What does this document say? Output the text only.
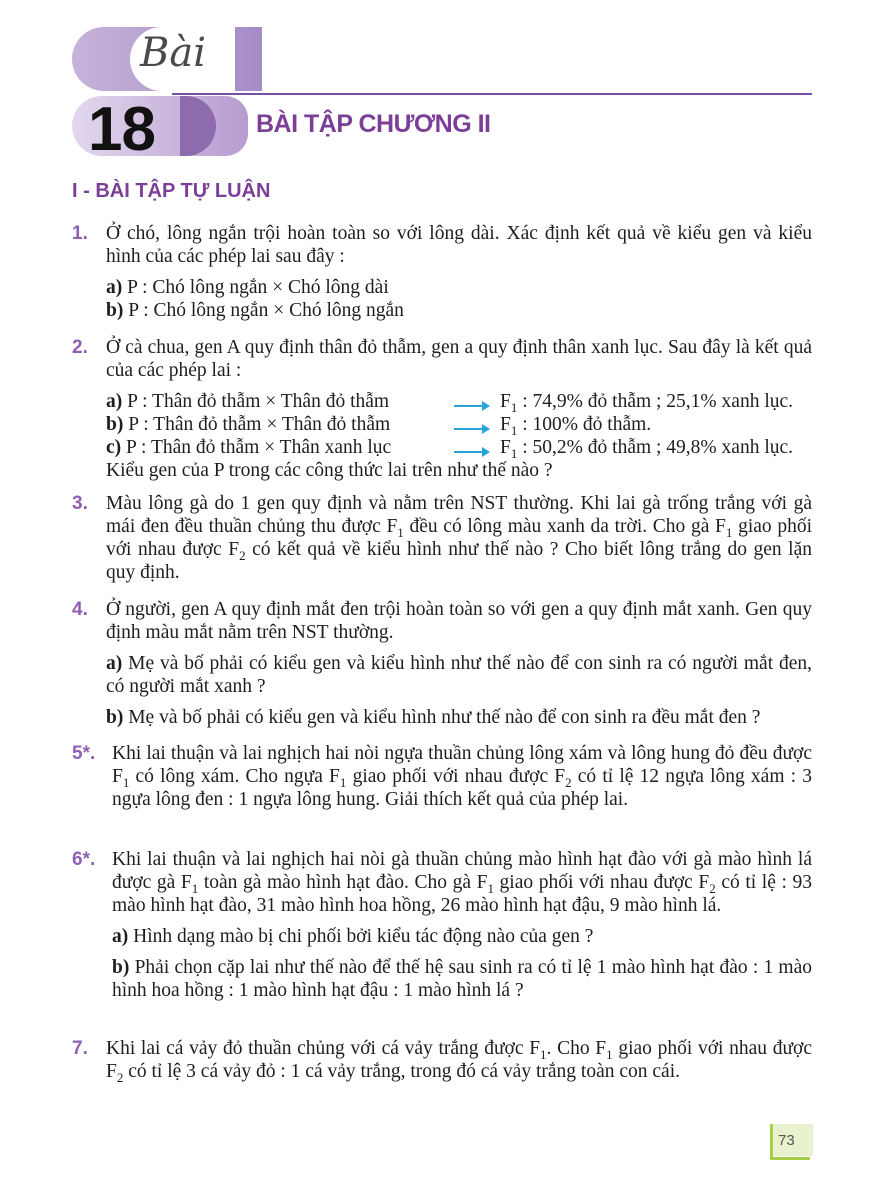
Bài
18	BÀI TẬP CHƯƠNG II
I - BÀI TẬP TỰ LUẬN
1. Ở chó, lông ngắn trội hoàn toàn so với lông dài. Xác định kết quả về kiểu gen và kiểu hình của các phép lai sau đây :
a) P : Chó lông ngắn × Chó lông dài
b) P : Chó lông ngắn × Chó lông ngắn
2. Ở cà chua, gen A quy định thân đỏ thẫm, gen a quy định thân xanh lục. Sau đây là kết quả của các phép lai :
a) P : Thân đỏ thẫm × Thân đỏ thẫm	$F_1$ : 74,9% đỏ thẫm ; 25,1% xanh lục.
b) P : Thân đỏ thẫm × Thân đỏ thẫm	$F_1$ : 100% đỏ thẫm.
c) P : Thân đỏ thẫm × Thân xanh lục	$F_1$ : 50,2% đỏ thẫm ; 49,8% xanh lục.
Kiểu gen của P trong các công thức lai trên như thế nào ?
3. Màu lông gà do 1 gen quy định và nằm trên NST thường. Khi lai gà trống trắng với gà mái đen đều thuần chủng thu được $F_1$ đều có lông màu xanh da trời. Cho gà $F_1$ giao phối với nhau được $F_2$ có kết quả về kiểu hình như thế nào ? Cho biết lông trắng do gen lặn quy định.
4. Ở người, gen A quy định mắt đen trội hoàn toàn so với gen a quy định mắt xanh. Gen quy định màu mắt nằm trên NST thường.
a) Mẹ và bố phải có kiểu gen và kiểu hình như thế nào để con sinh ra có người mắt đen, có người mắt xanh ?
b) Mẹ và bố phải có kiểu gen và kiểu hình như thế nào để con sinh ra đều mắt đen ?
5*. Khi lai thuận và lai nghịch hai nòi ngựa thuần chủng lông xám và lông hung đỏ đều được $F_1$ có lông xám. Cho ngựa $F_1$ giao phối với nhau được $F_2$ có tỉ lệ 12 ngựa lông xám : 3 ngựa lông đen : 1 ngựa lông hung. Giải thích kết quả của phép lai.
6*. Khi lai thuận và lai nghịch hai nòi gà thuần chủng mào hình hạt đào với gà mào hình lá được gà $F_1$ toàn gà mào hình hạt đào. Cho gà $F_1$ giao phối với nhau được $F_2$ có tỉ lệ : 93 mào hình hạt đào, 31 mào hình hoa hồng, 26 mào hình hạt đậu, 9 mào hình lá.
a) Hình dạng mào bị chi phối bởi kiểu tác động nào của gen ?
b) Phải chọn cặp lai như thế nào để thế hệ sau sinh ra có tỉ lệ 1 mào hình hạt đào : 1 mào hình hoa hồng : 1 mào hình hạt đậu : 1 mào hình lá ?
7. Khi lai cá vảy đỏ thuần chủng với cá vảy trắng được $F_1$. Cho $F_1$ giao phối với nhau được $F_2$ có tỉ lệ 3 cá vảy đỏ : 1 cá vảy trắng, trong đó cá vảy trắng toàn con cái.
73
